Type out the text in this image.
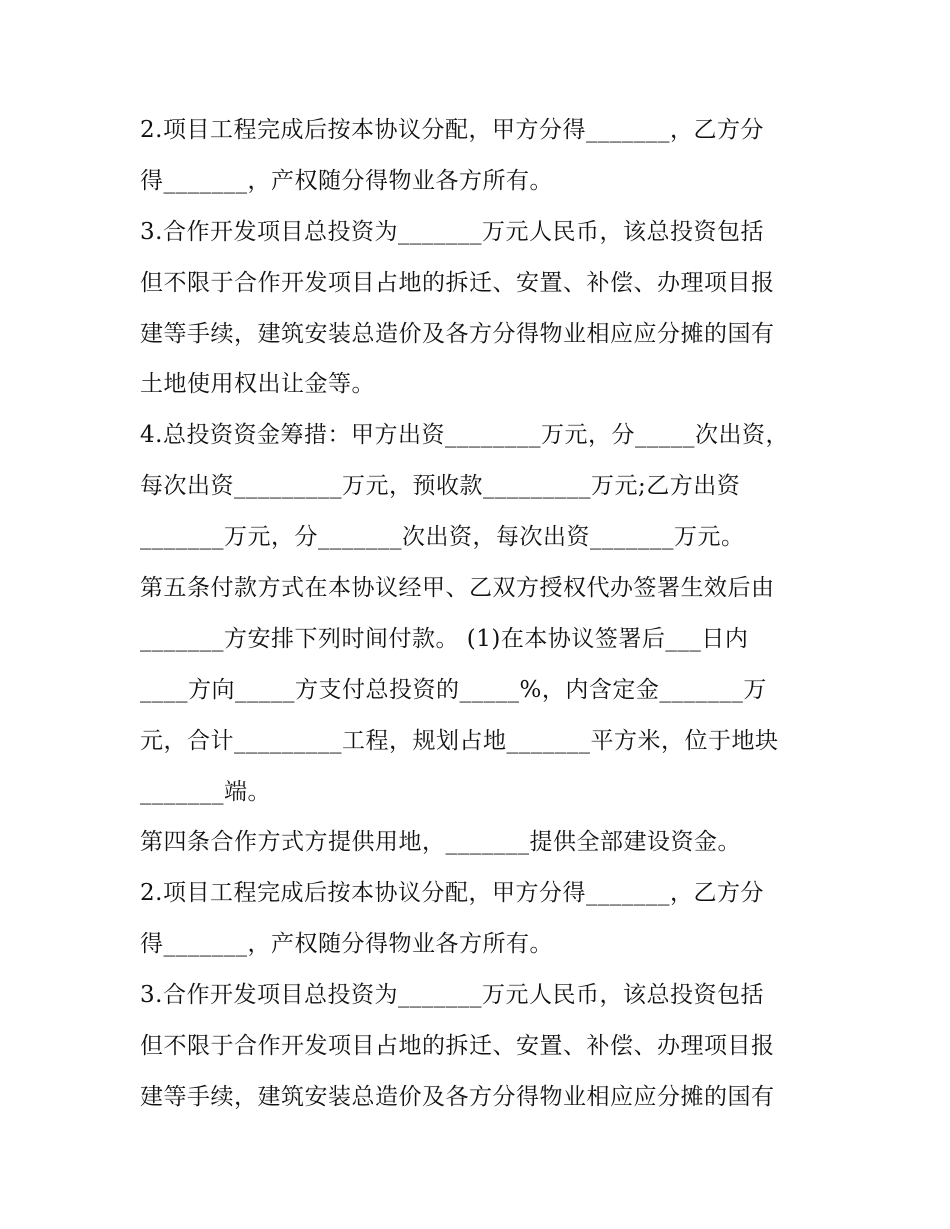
2.项目工程完成后按本协议分配，甲方分得_______，乙方分
得_______，产权随分得物业各方所有。
3.合作开发项目总投资为_______万元人民币，该总投资包括
但不限于合作开发项目占地的拆迁、安置、补偿、办理项目报
建等手续，建筑安装总造价及各方分得物业相应应分摊的国有
土地使用权出让金等。
4.总投资资金筹措：甲方出资________万元，分_____次出资，
每次出资_________万元，预收款_________万元;乙方出资
_______万元，分_______次出资，每次出资_______万元。
第五条付款方式在本协议经甲、乙双方授权代办签署生效后由
_______方安排下列时间付款。 (1)在本协议签署后___日内
____方向_____方支付总投资的_____%，内含定金_______万
元，合计_________工程，规划占地_______平方米，位于地块
_______端。
第四条合作方式方提供用地，_______提供全部建设资金。
2.项目工程完成后按本协议分配，甲方分得_______，乙方分
得_______，产权随分得物业各方所有。
3.合作开发项目总投资为_______万元人民币，该总投资包括
但不限于合作开发项目占地的拆迁、安置、补偿、办理项目报
建等手续，建筑安装总造价及各方分得物业相应应分摊的国有
